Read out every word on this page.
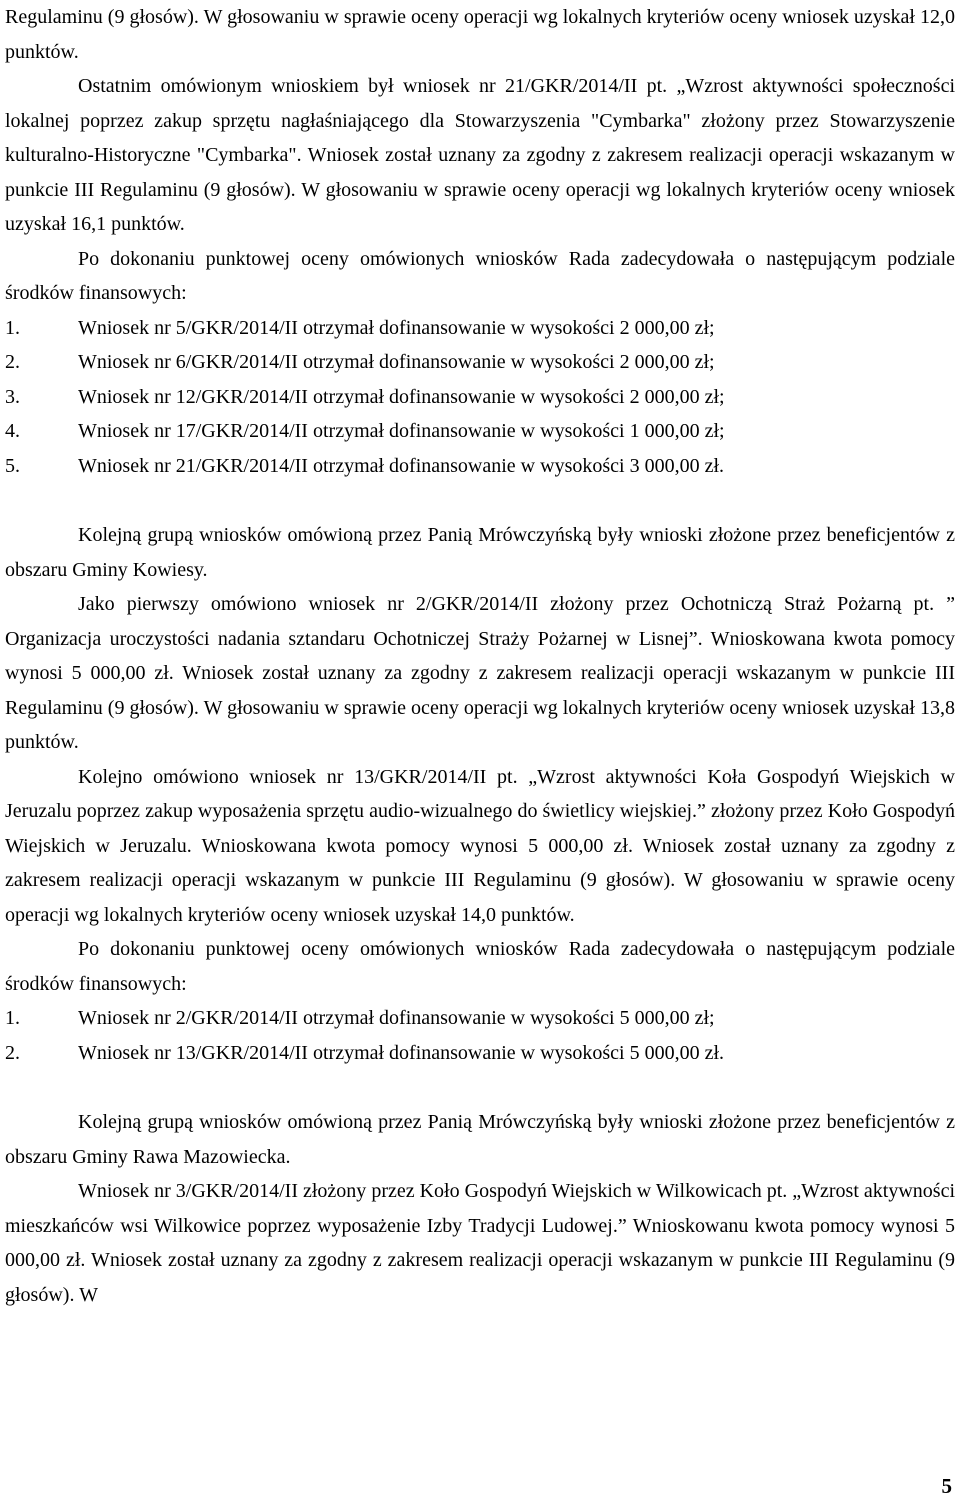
Regulaminu (9 głosów). W głosowaniu w sprawie oceny operacji wg lokalnych kryteriów oceny wniosek uzyskał 12,0 punktów.

Ostatnim omówionym wnioskiem był wniosek nr 21/GKR/2014/II pt. „Wzrost aktywności społeczności lokalnej poprzez zakup sprzętu nagłaśniającego dla Stowarzyszenia "Cymbarka" złożony przez Stowarzyszenie kulturalno-Historyczne "Cymbarka". Wniosek został uznany za zgodny z zakresem realizacji operacji wskazanym w punkcie III Regulaminu (9 głosów). W głosowaniu w sprawie oceny operacji wg lokalnych kryteriów oceny wniosek uzyskał 16,1 punktów.

Po dokonaniu punktowej oceny omówionych wniosków Rada zadecydowała o następującym podziale środków finansowych:

1.	Wniosek nr 5/GKR/2014/II otrzymał dofinansowanie w wysokości 2 000,00 zł;
2.	Wniosek nr 6/GKR/2014/II otrzymał dofinansowanie w wysokości 2 000,00 zł;
3.	Wniosek nr 12/GKR/2014/II otrzymał dofinansowanie w wysokości 2 000,00 zł;
4.	Wniosek nr 17/GKR/2014/II otrzymał dofinansowanie w wysokości 1 000,00 zł;
5.	Wniosek nr 21/GKR/2014/II otrzymał dofinansowanie w wysokości 3 000,00 zł.

Kolejną grupą wniosków omówioną przez Panią Mrówczyńską były wnioski złożone przez beneficjentów z obszaru Gminy Kowiesy.

Jako pierwszy omówiono wniosek nr 2/GKR/2014/II złożony przez Ochotniczą Straż Pożarną pt. ” Organizacja uroczystości nadania sztandaru Ochotniczej Straży Pożarnej w Lisnej”. Wnioskowana kwota pomocy wynosi 5 000,00 zł. Wniosek został uznany za zgodny z zakresem realizacji operacji wskazanym w punkcie III Regulaminu (9 głosów). W głosowaniu w sprawie oceny operacji wg lokalnych kryteriów oceny wniosek uzyskał 13,8 punktów.

Kolejno omówiono wniosek nr 13/GKR/2014/II pt. „Wzrost aktywności Koła Gospodyń Wiejskich w Jeruzalu poprzez zakup wyposażenia sprzętu audio-wizualnego do świetlicy wiejskiej.” złożony przez Koło Gospodyń Wiejskich w Jeruzalu. Wnioskowana kwota pomocy wynosi 5 000,00 zł. Wniosek został uznany za zgodny z zakresem realizacji operacji wskazanym w punkcie III Regulaminu (9 głosów). W głosowaniu w sprawie oceny operacji wg lokalnych kryteriów oceny wniosek uzyskał 14,0 punktów.

Po dokonaniu punktowej oceny omówionych wniosków Rada zadecydowała o następującym podziale środków finansowych:

1.	Wniosek nr 2/GKR/2014/II otrzymał dofinansowanie w wysokości 5 000,00 zł;
2.	Wniosek nr 13/GKR/2014/II otrzymał dofinansowanie w wysokości 5 000,00 zł.

Kolejną grupą wniosków omówioną przez Panią Mrówczyńską były wnioski złożone przez beneficjentów z obszaru Gminy Rawa Mazowiecka.

Wniosek nr 3/GKR/2014/II złożony przez Koło Gospodyń Wiejskich w Wilkowicach pt. „Wzrost aktywności mieszkańców wsi Wilkowice poprzez wyposażenie Izby Tradycji Ludowej.” Wnioskowanu kwota pomocy wynosi 5 000,00 zł. Wniosek został uznany za zgodny z zakresem realizacji operacji wskazanym w punkcie III Regulaminu (9 głosów). W

5
